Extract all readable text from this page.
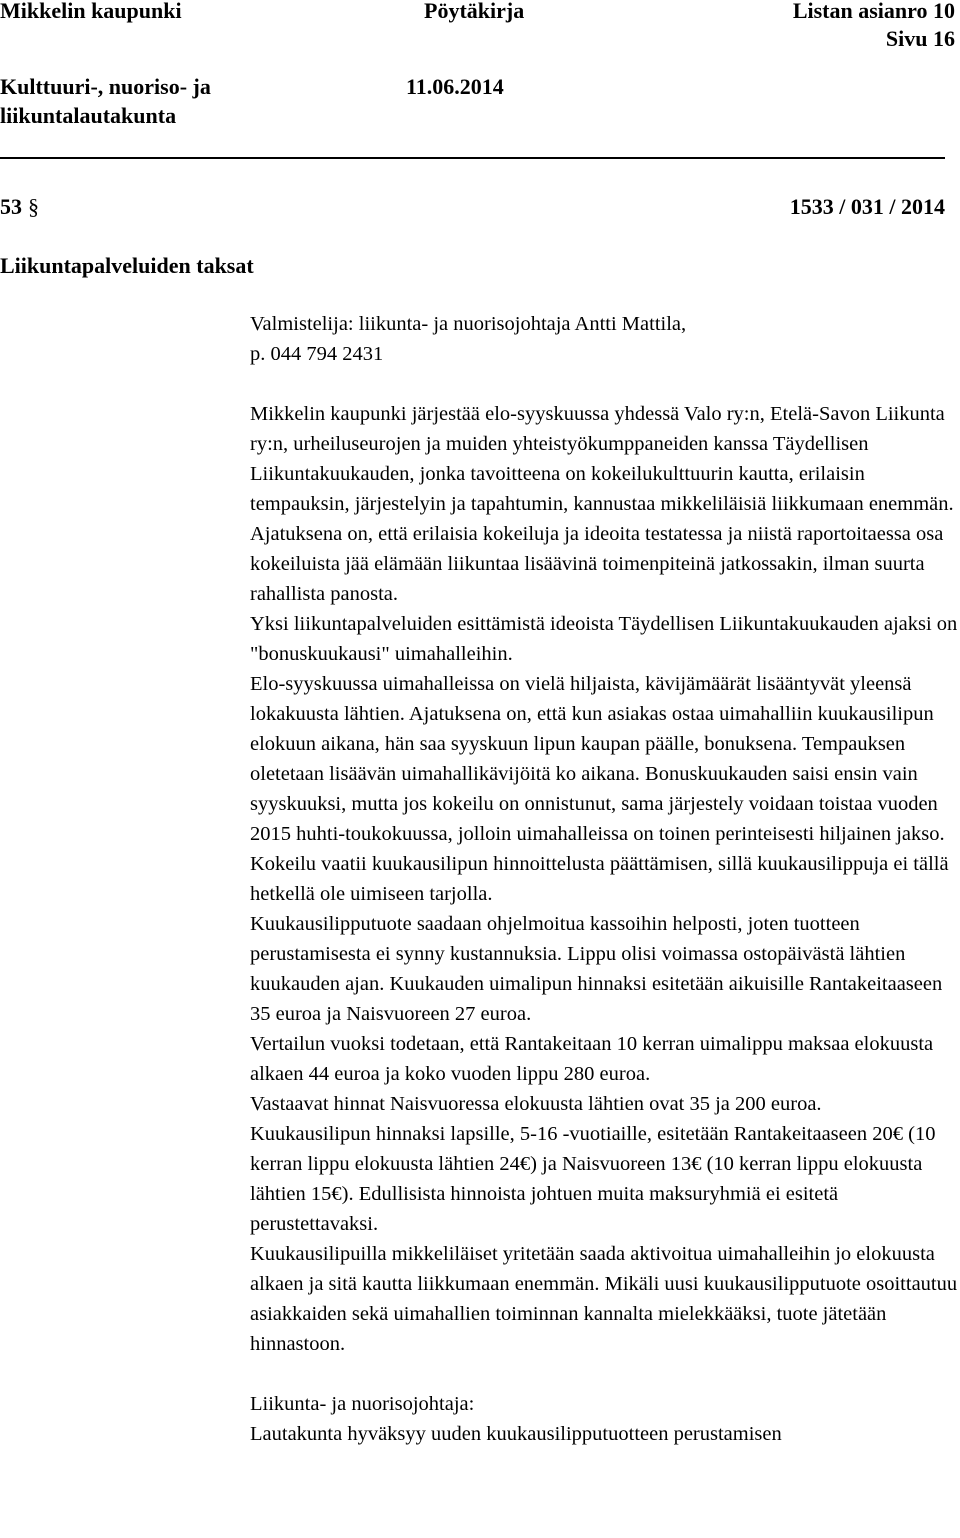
Mikkelin kaupunki	Pöytäkirja	Listan asianro 10
Sivu 16
Kulttuuri-, nuoriso- ja
liikuntalautakunta
11.06.2014
53 §	1533 / 031 / 2014
Liikuntapalveluiden taksat

Valmistelija: liikunta- ja nuorisojohtaja Antti Mattila,

p. 044 794 2431

Mikkelin kaupunki järjestää elo-syyskuussa yhdessä Valo ry:n, Etelä-Savon Liikunta ry:n, urheiluseurojen ja muiden yhteistyökumppaneiden kanssa Täydellisen Liikuntakuukauden, jonka tavoitteena on kokeilukulttuurin kautta, erilaisin tempauksin, järjestelyin ja tapahtumin, kannustaa mikkeliläisiä liikkumaan enemmän. Ajatuksena on, että erilaisia kokeiluja ja ideoita testatessa ja niistä raportoitaessa osa kokeiluista jää elämään liikuntaa lisäävinä toimenpiteinä jatkossakin, ilman suurta rahallista panosta.

Yksi liikuntapalveluiden esittämistä ideoista Täydellisen Liikuntakuukauden ajaksi on "bonuskuukausi" uimahalleihin.

Elo-syyskuussa uimahalleissa on vielä hiljaista, kävijämäärät lisääntyvät yleensä lokakuusta lähtien. Ajatuksena on, että kun asiakas ostaa uimahalliin kuukausilipun elokuun aikana, hän saa syyskuun lipun kaupan päälle, bonuksena. Tempauksen oletetaan lisäävän uimahallikävijöitä ko aikana. Bonuskuukauden saisi ensin vain syyskuuksi, mutta jos kokeilu on onnistunut, sama järjestely voidaan toistaa vuoden 2015 huhti-toukokuussa, jolloin uimahalleissa on toinen perinteisesti hiljainen jakso.

Kokeilu vaatii kuukausilipun hinnoittelusta päättämisen, sillä kuukausilippuja ei tällä hetkellä ole uimiseen tarjolla.

Kuukausilipputuote saadaan ohjelmoitua kassoihin helposti, joten tuotteen perustamisesta ei synny kustannuksia. Lippu olisi voimassa ostopäivästä lähtien kuukauden ajan. Kuukauden uimalipun hinnaksi esitetään aikuisille Rantakeitaaseen 35 euroa ja Naisvuoreen 27 euroa.

Vertailun vuoksi todetaan, että Rantakeitaan 10 kerran uimalippu maksaa elokuusta alkaen 44 euroa ja koko vuoden lippu 280 euroa.

Vastaavat hinnat Naisvuoressa elokuusta lähtien ovat 35 ja 200 euroa.

Kuukausilipun hinnaksi lapsille, 5-16 -vuotiaille, esitetään Rantakeitaaseen 20€ (10 kerran lippu elokuusta lähtien 24€) ja Naisvuoreen 13€ (10 kerran lippu elokuusta lähtien 15€). Edullisista hinnoista johtuen muita maksuryhmiä ei esitetä perustettavaksi.

Kuukausilipuilla mikkeliläiset yritetään saada aktivoitua uimahalleihin jo elokuusta alkaen ja sitä kautta liikkumaan enemmän. Mikäli uusi kuukausilipputuote osoittautuu asiakkaiden sekä uimahallien toiminnan kannalta mielekkääksi, tuote jätetään hinnastoon.

Liikunta- ja nuorisojohtaja:

Lautakunta hyväksyy uuden kuukausilipputuotteen perustamisen
